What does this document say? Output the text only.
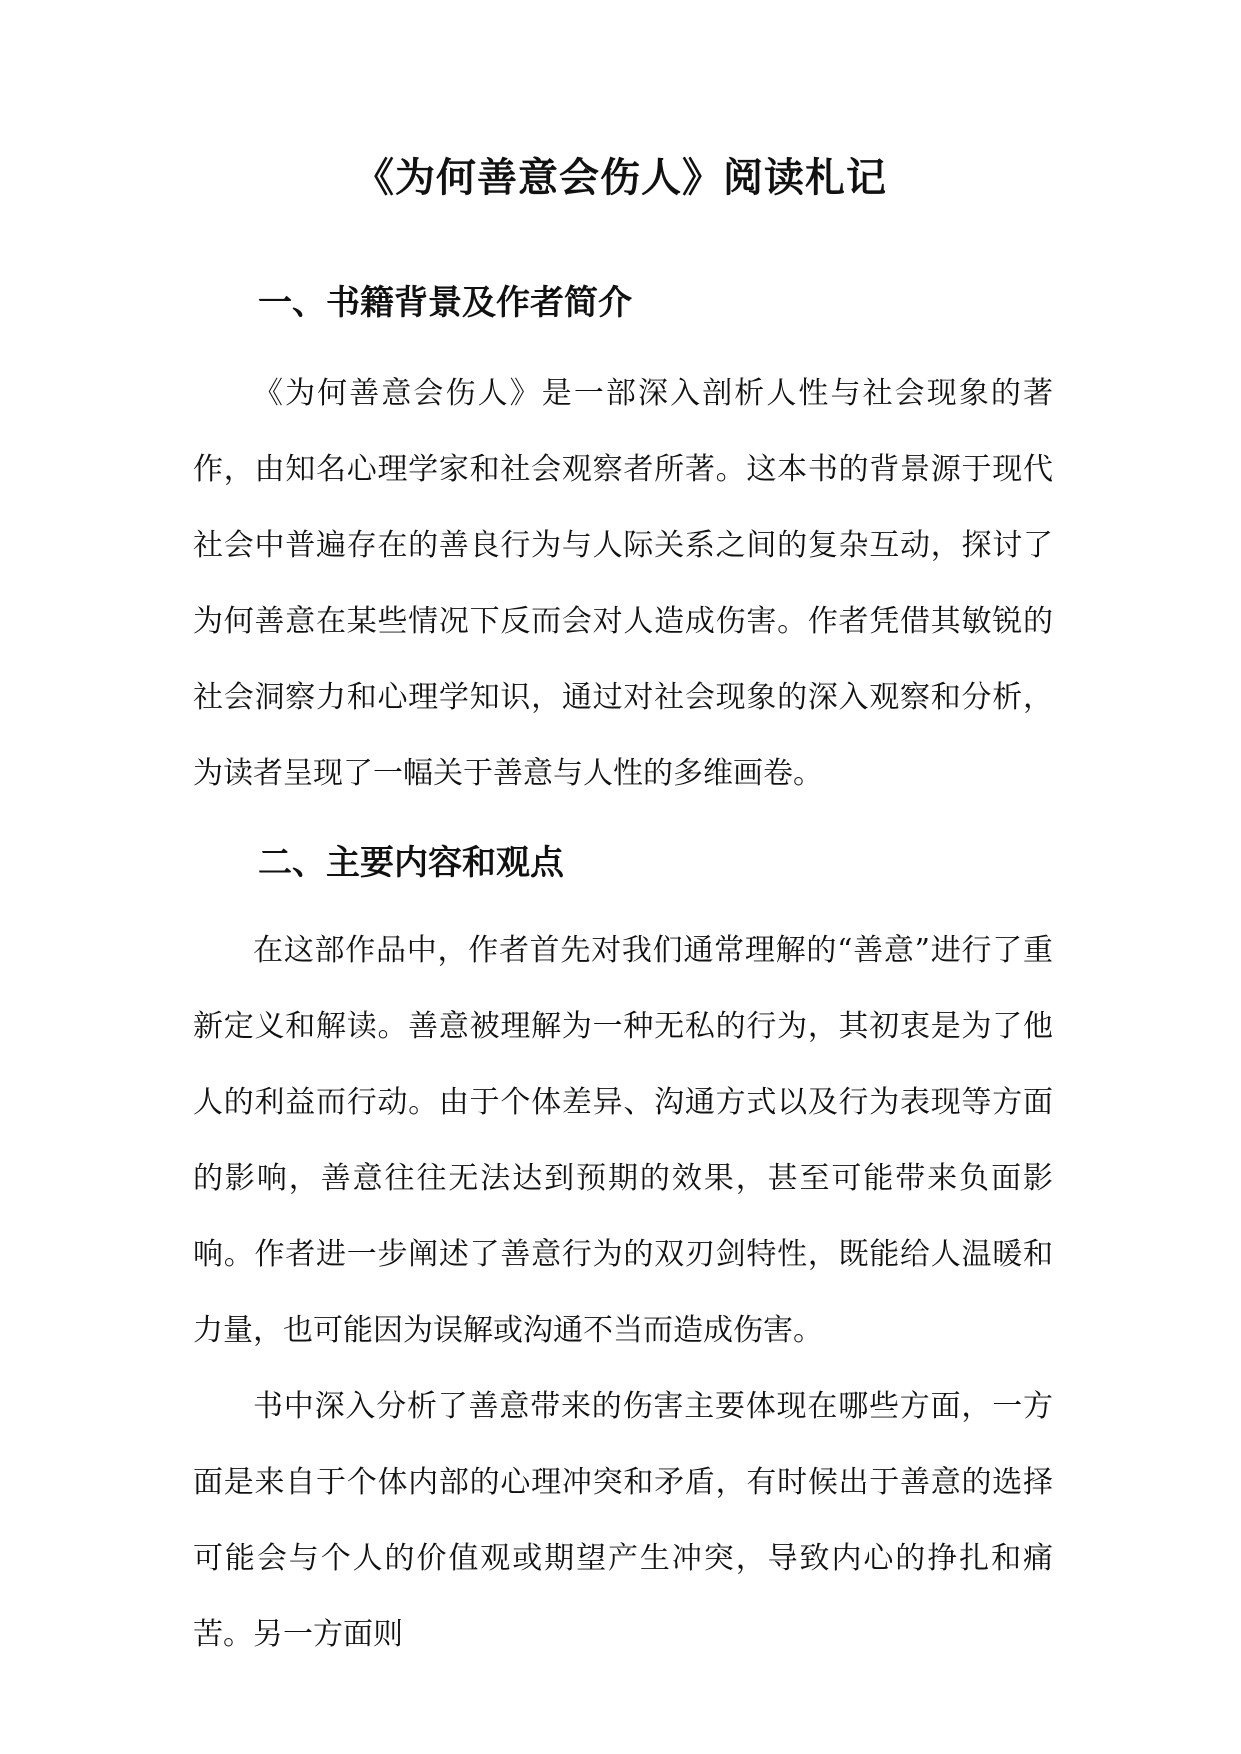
《为何善意会伤人》阅读札记
一、书籍背景及作者简介

《为何善意会伤人》是一部深入剖析人性与社会现象的著作，由知名心理学家和社会观察者所著。这本书的背景源于现代社会中普遍存在的善良行为与人际关系之间的复杂互动，探讨了为何善意在某些情况下反而会对人造成伤害。作者凭借其敏锐的社会洞察力和心理学知识，通过对社会现象的深入观察和分析，为读者呈现了一幅关于善意与人性的多维画卷。

二、主要内容和观点

在这部作品中，作者首先对我们通常理解的“善意”进行了重新定义和解读。善意被理解为一种无私的行为，其初衷是为了他人的利益而行动。由于个体差异、沟通方式以及行为表现等方面的影响，善意往往无法达到预期的效果，甚至可能带来负面影响。作者进一步阐述了善意行为的双刃剑特性，既能给人温暖和力量，也可能因为误解或沟通不当而造成伤害。

书中深入分析了善意带来的伤害主要体现在哪些方面，一方面是来自于个体内部的心理冲突和矛盾，有时候出于善意的选择可能会与个人的价值观或期望产生冲突，导致内心的挣扎和痛苦。另一方面则
